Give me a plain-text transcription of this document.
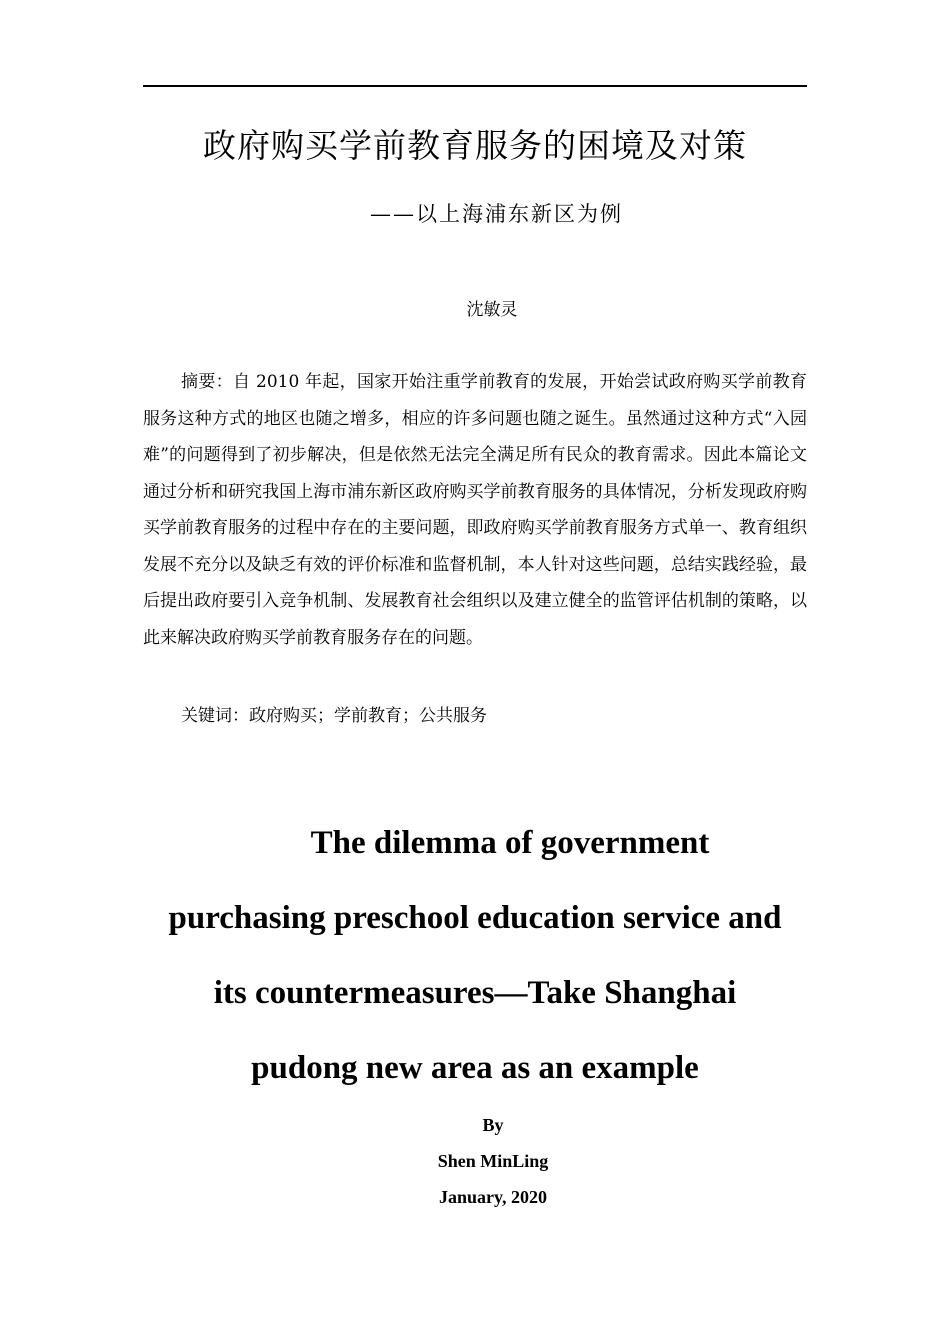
政府购买学前教育服务的困境及对策
——以上海浦东新区为例
沈敏灵

摘要：自 2010 年起，国家开始注重学前教育的发展，开始尝试政府购买学前教育服务这种方式的地区也随之增多，相应的许多问题也随之诞生。虽然通过这种方式“入园难”的问题得到了初步解决，但是依然无法完全满足所有民众的教育需求。因此本篇论文通过分析和研究我国上海市浦东新区政府购买学前教育服务的具体情况，分析发现政府购买学前教育服务的过程中存在的主要问题，即政府购买学前教育服务方式单一、教育组织发展不充分以及缺乏有效的评价标准和监督机制，本人针对这些问题，总结实践经验，最后提出政府要引入竞争机制、发展教育社会组织以及建立健全的监管评估机制的策略，以此来解决政府购买学前教育服务存在的问题。

关键词：政府购买；学前教育；公共服务
The dilemma of government
purchasing preschool education service and
its countermeasures—Take Shanghai
pudong new area as an example
By
Shen MinLing
January, 2020
